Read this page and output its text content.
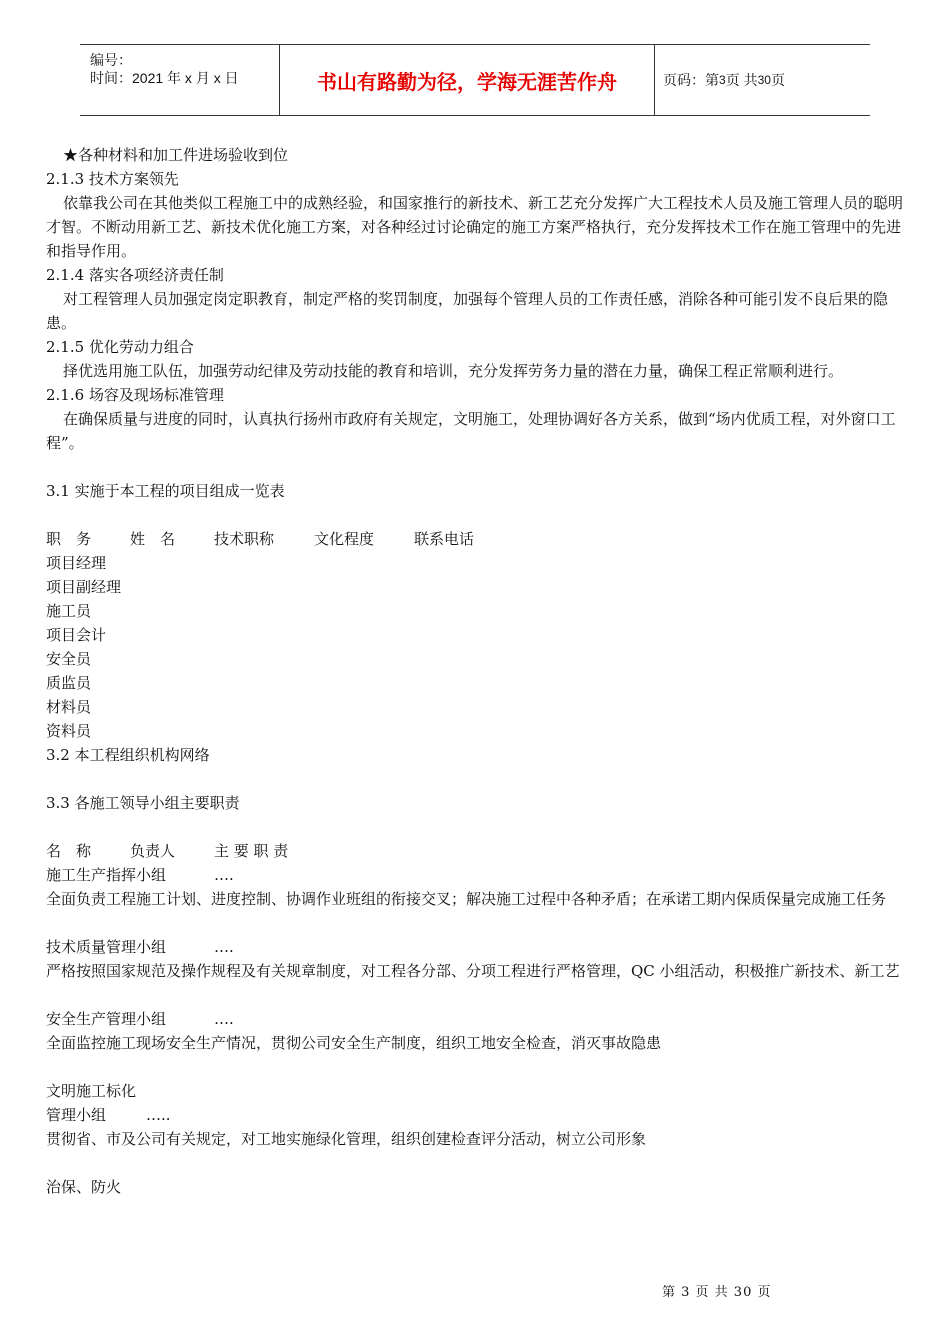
编号：
时间：2021 年 x 月 x 日	书山有路勤为径，学海无涯苦作舟	页码：第 3 页 共 30 页

★各种材料和加工件进场验收到位

2.1.3 技术方案领先

依靠我公司在其他类似工程施工中的成熟经验，和国家推行的新技术、新工艺充分发挥广大工程技术人员及施工管理人员的聪明才智。不断动用新工艺、新技术优化施工方案，对各种经过讨论确定的施工方案严格执行，充分发挥技术工作在施工管理中的先进和指导作用。

2.1.4 落实各项经济责任制

对工程管理人员加强定岗定职教育，制定严格的奖罚制度，加强每个管理人员的工作责任感，消除各种可能引发不良后果的隐患。

2.1.5 优化劳动力组合

择优选用施工队伍，加强劳动纪律及劳动技能的教育和培训，充分发挥劳务力量的潜在力量，确保工程正常顺利进行。

2.1.6 场容及现场标准管理

在确保质量与进度的同时，认真执行扬州市政府有关规定，文明施工，处理协调好各方关系，做到“场内优质工程，对外窗口工程”。

3.1 实施于本工程的项目组成一览表

职　务	姓　名	技术职称	文化程度	联系电话

项目经理

项目副经理

施工员

项目会计

安全员

质监员

材料员

资料员

3.2 本工程组织机构网络

3.3 各施工领导小组主要职责

名　称	负责人	主 要 职 责

施工生产指挥小组	….

全面负责工程施工计划、进度控制、协调作业班组的衔接交叉；解决施工过程中各种矛盾；在承诺工期内保质保量完成施工任务

技术质量管理小组	….

严格按照国家规范及操作规程及有关规章制度，对工程各分部、分项工程进行严格管理，QC 小组活动，积极推广新技术、新工艺

安全生产管理小组	….

全面监控施工现场安全生产情况，贯彻公司安全生产制度，组织工地安全检查，消灭事故隐患

文明施工标化

管理小组	…..

贯彻省、市及公司有关规定，对工地实施绿化管理，组织创建检查评分活动，树立公司形象

治保、防火

第 3 页 共 30 页
